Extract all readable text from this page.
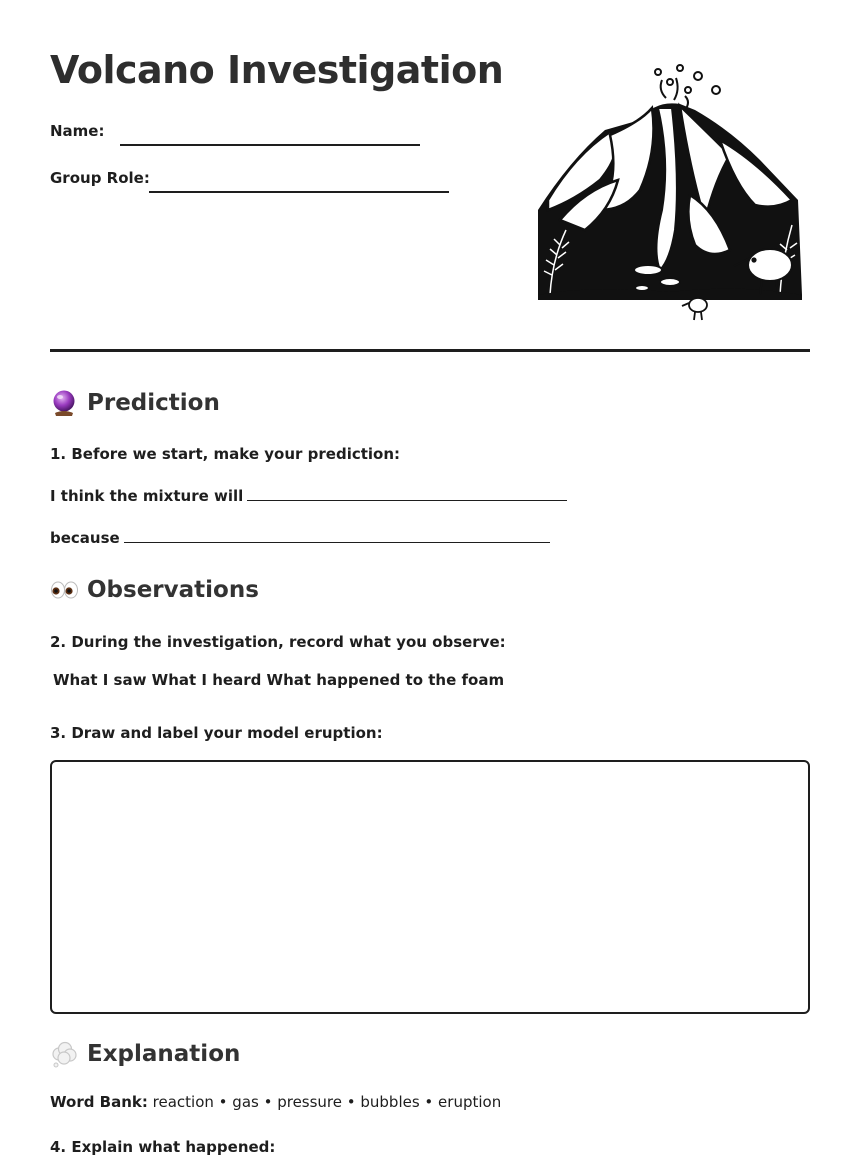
Volcano Investigation
Name:
Group Role:
Prediction
1. Before we start, make your prediction:
I think the mixture will
because
Observations
2. During the investigation, record what you observe:
What I saw What I heard What happened to the foam
3. Draw and label your model eruption:
Explanation
Word Bank: reaction • gas • pressure • bubbles • eruption
4. Explain what happened:
